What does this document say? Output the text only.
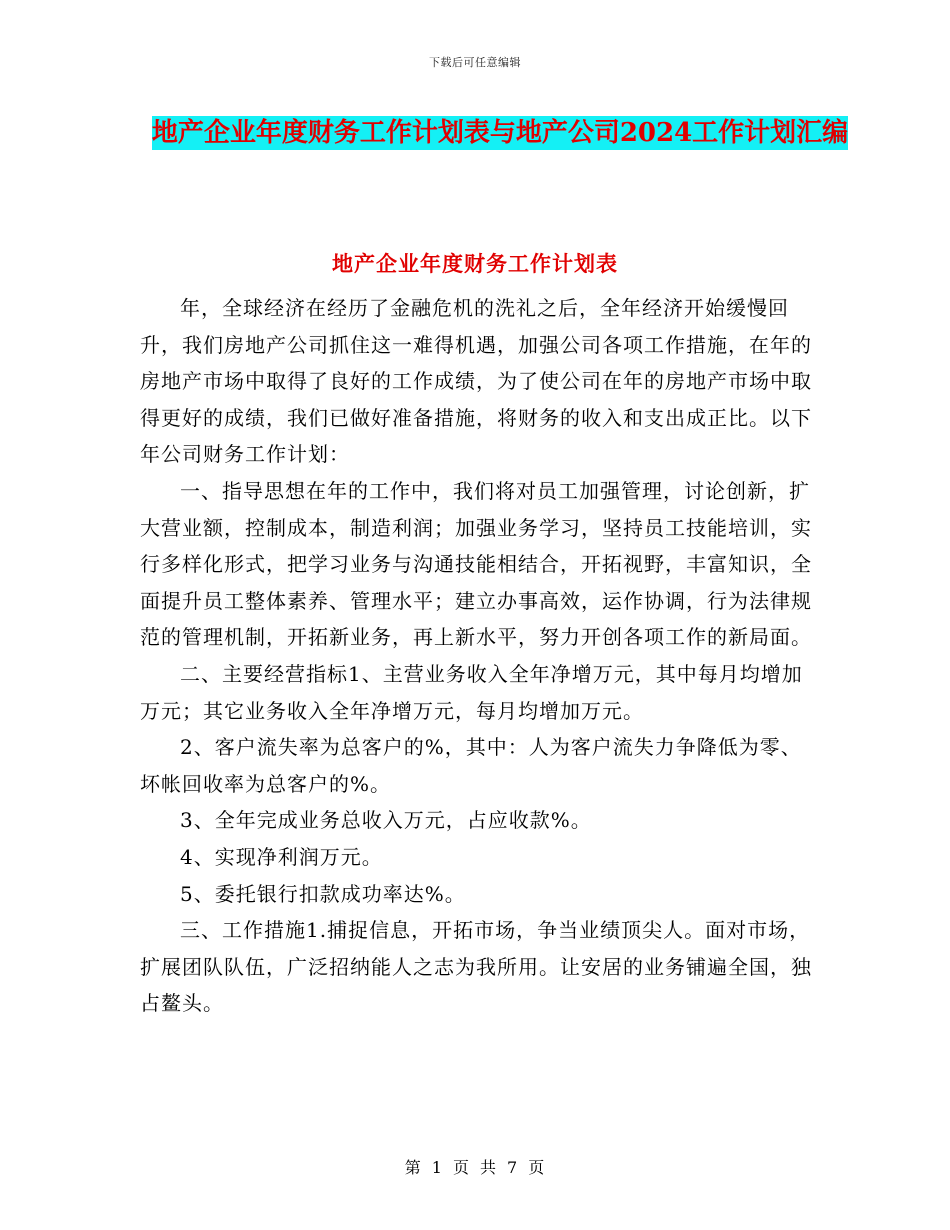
下载后可任意编辑
地产企业年度财务工作计划表与地产公司2024工作计划汇编
地产企业年度财务工作计划表

年，全球经济在经历了金融危机的洗礼之后，全年经济开始缓慢回升，我们房地产公司抓住这一难得机遇，加强公司各项工作措施，在年的房地产市场中取得了良好的工作成绩，为了使公司在年的房地产市场中取得更好的成绩，我们已做好准备措施，将财务的收入和支出成正比。以下年公司财务工作计划：

一、指导思想在年的工作中，我们将对员工加强管理，讨论创新，扩大营业额，控制成本，制造利润；加强业务学习，坚持员工技能培训，实行多样化形式，把学习业务与沟通技能相结合，开拓视野，丰富知识，全面提升员工整体素养、管理水平；建立办事高效，运作协调，行为法律规范的管理机制，开拓新业务，再上新水平，努力开创各项工作的新局面。

二、主要经营指标1、主营业务收入全年净增万元，其中每月均增加万元；其它业务收入全年净增万元，每月均增加万元。

2、客户流失率为总客户的%，其中：人为客户流失力争降低为零、坏帐回收率为总客户的%。

3、全年完成业务总收入万元，占应收款%。

4、实现净利润万元。

5、委托银行扣款成功率达%。

三、工作措施1.捕捉信息，开拓市场，争当业绩顶尖人。面对市场，扩展团队队伍，广泛招纳能人之志为我所用。让安居的业务铺遍全国，独占鳌头。

第 1 页 共 7 页
